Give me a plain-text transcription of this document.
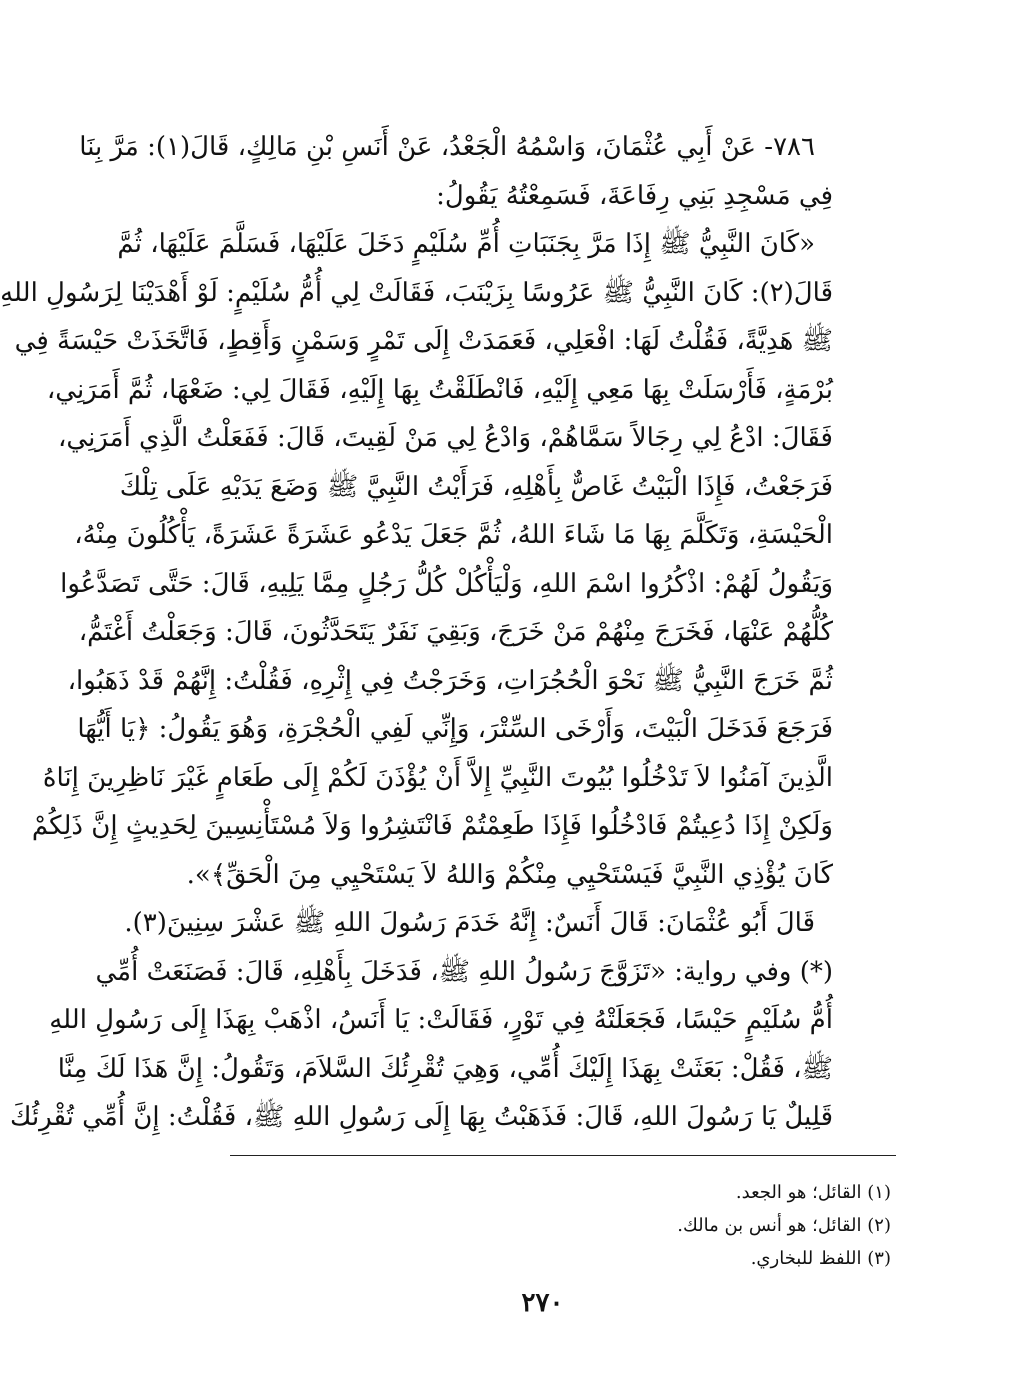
٧٨٦- عَنْ أَبِي عُثْمَانَ، وَاسْمُهُ الْجَعْدُ، عَنْ أَنَسِ بْنِ مَالِكٍ، قَالَ(١): مَرَّ بِنَا
فِي مَسْجِدِ بَنِي رِفَاعَةَ، فَسَمِعْتُهُ يَقُولُ:
«كَانَ النَّبِيُّ ﷺ إِذَا مَرَّ بِجَنَبَاتِ أُمِّ سُلَيْمٍ دَخَلَ عَلَيْهَا، فَسَلَّمَ عَلَيْهَا، ثُمَّ
قَالَ(٢): كَانَ النَّبِيُّ ﷺ عَرُوسًا بِزَيْنَبَ، فَقَالَتْ لِي أُمُّ سُلَيْمٍ: لَوْ أَهْدَيْنَا لِرَسُولِ اللهِ
ﷺ هَدِيَّةً، فَقُلْتُ لَهَا: افْعَلِي، فَعَمَدَتْ إِلَى تَمْرٍ وَسَمْنٍ وَأَقِطٍ، فَاتَّخَذَتْ حَيْسَةً فِي
بُرْمَةٍ، فَأَرْسَلَتْ بِهَا مَعِي إِلَيْهِ، فَانْطَلَقْتُ بِهَا إِلَيْهِ، فَقَالَ لِي: ضَعْهَا، ثُمَّ أَمَرَنِي،
فَقَالَ: ادْعُ لِي رِجَالاً سَمَّاهُمْ، وَادْعُ لِي مَنْ لَقِيتَ، قَالَ: فَفَعَلْتُ الَّذِي أَمَرَنِي،
فَرَجَعْتُ، فَإِذَا الْبَيْتُ غَاصٌّ بِأَهْلِهِ، فَرَأَيْتُ النَّبِيَّ ﷺ وَضَعَ يَدَيْهِ عَلَى تِلْكَ
الْحَيْسَةِ، وَتَكَلَّمَ بِهَا مَا شَاءَ اللهُ، ثُمَّ جَعَلَ يَدْعُو عَشَرَةً عَشَرَةً، يَأْكُلُونَ مِنْهُ،
وَيَقُولُ لَهُمْ: اذْكُرُوا اسْمَ اللهِ، وَلْيَأْكُلْ كُلُّ رَجُلٍ مِمَّا يَلِيهِ، قَالَ: حَتَّى تَصَدَّعُوا
كُلُّهُمْ عَنْهَا، فَخَرَجَ مِنْهُمْ مَنْ خَرَجَ، وَبَقِيَ نَفَرٌ يَتَحَدَّثُونَ، قَالَ: وَجَعَلْتُ أَغْتَمُّ،
ثُمَّ خَرَجَ النَّبِيُّ ﷺ نَحْوَ الْحُجُرَاتِ، وَخَرَجْتُ فِي إِثْرِهِ، فَقُلْتُ: إِنَّهُمْ قَدْ ذَهَبُوا،
فَرَجَعَ فَدَخَلَ الْبَيْتَ، وَأَرْخَى السِّتْرَ، وَإِنِّي لَفِي الْحُجْرَةِ، وَهُوَ يَقُولُ: ﴿يَا أَيُّهَا
الَّذِينَ آمَنُوا لاَ تَدْخُلُوا بُيُوتَ النَّبِيِّ إِلاَّ أَنْ يُؤْذَنَ لَكُمْ إِلَى طَعَامٍ غَيْرَ نَاظِرِينَ إِنَاهُ
وَلَكِنْ إِذَا دُعِيتُمْ فَادْخُلُوا فَإِذَا طَعِمْتُمْ فَانْتَشِرُوا وَلاَ مُسْتَأْنِسِينَ لِحَدِيثٍ إِنَّ ذَلِكُمْ
كَانَ يُؤْذِي النَّبِيَّ فَيَسْتَحْيِي مِنْكُمْ وَاللهُ لاَ يَسْتَحْيِي مِنَ الْحَقِّ﴾».
قَالَ أَبُو عُثْمَانَ: قَالَ أَنَسٌ: إِنَّهُ خَدَمَ رَسُولَ اللهِ ﷺ عَشْرَ سِنِينَ(٣).
(*) وفي رواية: «تَزَوَّجَ رَسُولُ اللهِ ﷺ، فَدَخَلَ بِأَهْلِهِ، قَالَ: فَصَنَعَتْ أُمِّي
أُمُّ سُلَيْمٍ حَيْسًا، فَجَعَلَتْهُ فِي تَوْرٍ، فَقَالَتْ: يَا أَنَسُ، اذْهَبْ بِهَذَا إِلَى رَسُولِ اللهِ
ﷺ، فَقُلْ: بَعَثَتْ بِهَذَا إِلَيْكَ أُمِّي، وَهِيَ تُقْرِئُكَ السَّلاَمَ، وَتَقُولُ: إِنَّ هَذَا لَكَ مِنَّا
قَلِيلٌ يَا رَسُولَ اللهِ، قَالَ: فَذَهَبْتُ بِهَا إِلَى رَسُولِ اللهِ ﷺ، فَقُلْتُ: إِنَّ أُمِّي تُقْرِئُكَ
(١) القائل؛ هو الجعد.
(٢) القائل؛ هو أنس بن مالك.
(٣) اللفظ للبخاري.
٢٧٠
